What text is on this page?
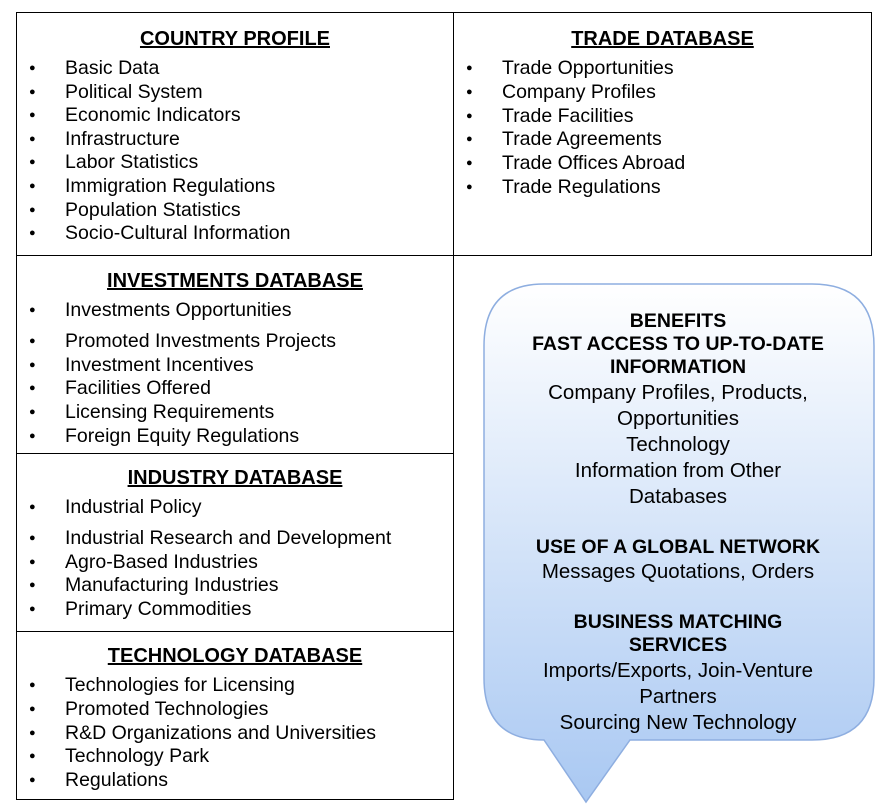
COUNTRY PROFILE
●	Basic Data
●	Political System
●	Economic Indicators
●	Infrastructure
●	Labor Statistics
●	Immigration Regulations
●	Population Statistics
●	Socio-Cultural Information
TRADE DATABASE
●	Trade Opportunities
●	Company Profiles
●	Trade Facilities
●	Trade Agreements
●	Trade Offices Abroad
●	Trade Regulations
INVESTMENTS DATABASE
●	Investments Opportunities
●	Promoted Investments Projects
●	Investment Incentives
●	Facilities Offered
●	Licensing Requirements
●	Foreign Equity Regulations
INDUSTRY DATABASE
●	Industrial Policy
●	Industrial Research and Development
●	Agro-Based Industries
●	Manufacturing Industries
●	Primary Commodities
TECHNOLOGY DATABASE
●	Technologies for Licensing
●	Promoted Technologies
●	R&D Organizations and Universities
●	Technology Park
●	Regulations
BENEFITS
FAST ACCESS TO UP-TO-DATE
INFORMATION
Company Profiles, Products,
Opportunities
Technology
Information from Other
Databases
USE OF A GLOBAL NETWORK
Messages Quotations, Orders
BUSINESS MATCHING
SERVICES
Imports/Exports, Join-Venture
Partners
Sourcing New Technology
